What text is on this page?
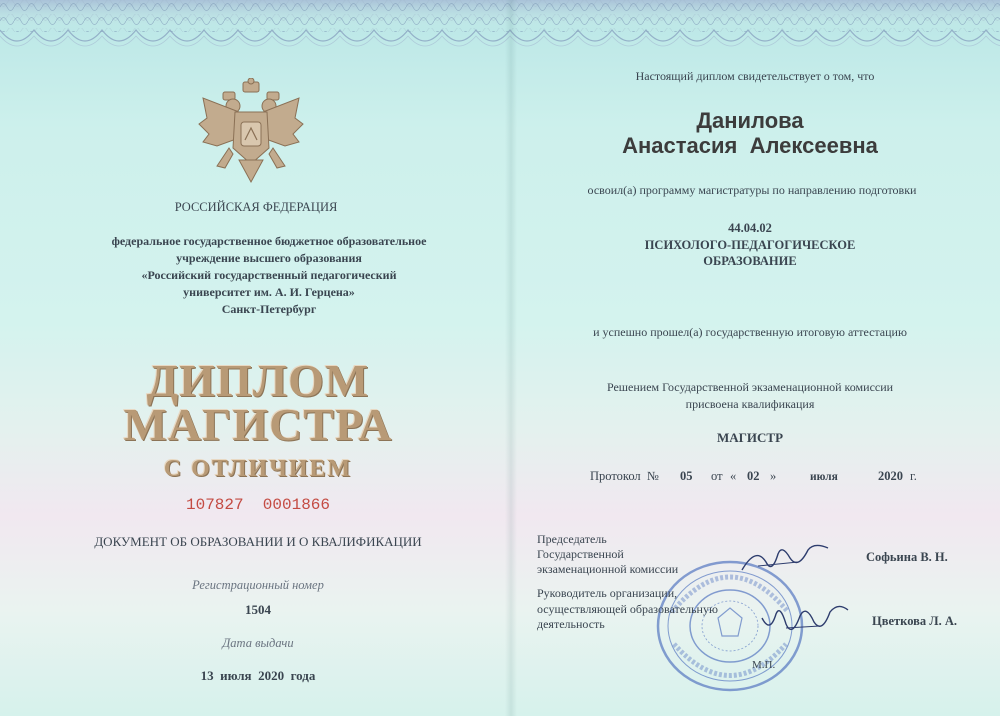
РОССИЙСКАЯ ФЕДЕРАЦИЯ
федеральное государственное бюджетное образовательное
учреждение высшего образования
«Российский государственный педагогический
университет им. А. И. Герцена»
Санкт-Петербург
ДИПЛОМ
МАГИСТРА
С ОТЛИЧИЕМ
107827  0001866
ДОКУМЕНТ ОБ ОБРАЗОВАНИИ И О КВАЛИФИКАЦИИ
Регистрационный номер
1504
Дата выдачи
13  июля  2020  года
Настоящий диплом свидетельствует о том, что
Данилова
Анастасия  Алексеевна
освоил(а) программу магистратуры по направлению подготовки
44.04.02
ПСИХОЛОГО-ПЕДАГОГИЧЕСКОЕ
ОБРАЗОВАНИЕ
и успешно прошел(а) государственную итоговую аттестацию
Решением Государственной экзаменационной комиссии
присвоена квалификация
МАГИСТР
Протокол  № 05 от « 02 »	июля	2020 г.
Председатель
Государственной
экзаменационной комиссии
Софьина В. Н.
Руководитель организации,
осуществляющей образовательную
деятельность	Цветкова Л. А.
М.П.
